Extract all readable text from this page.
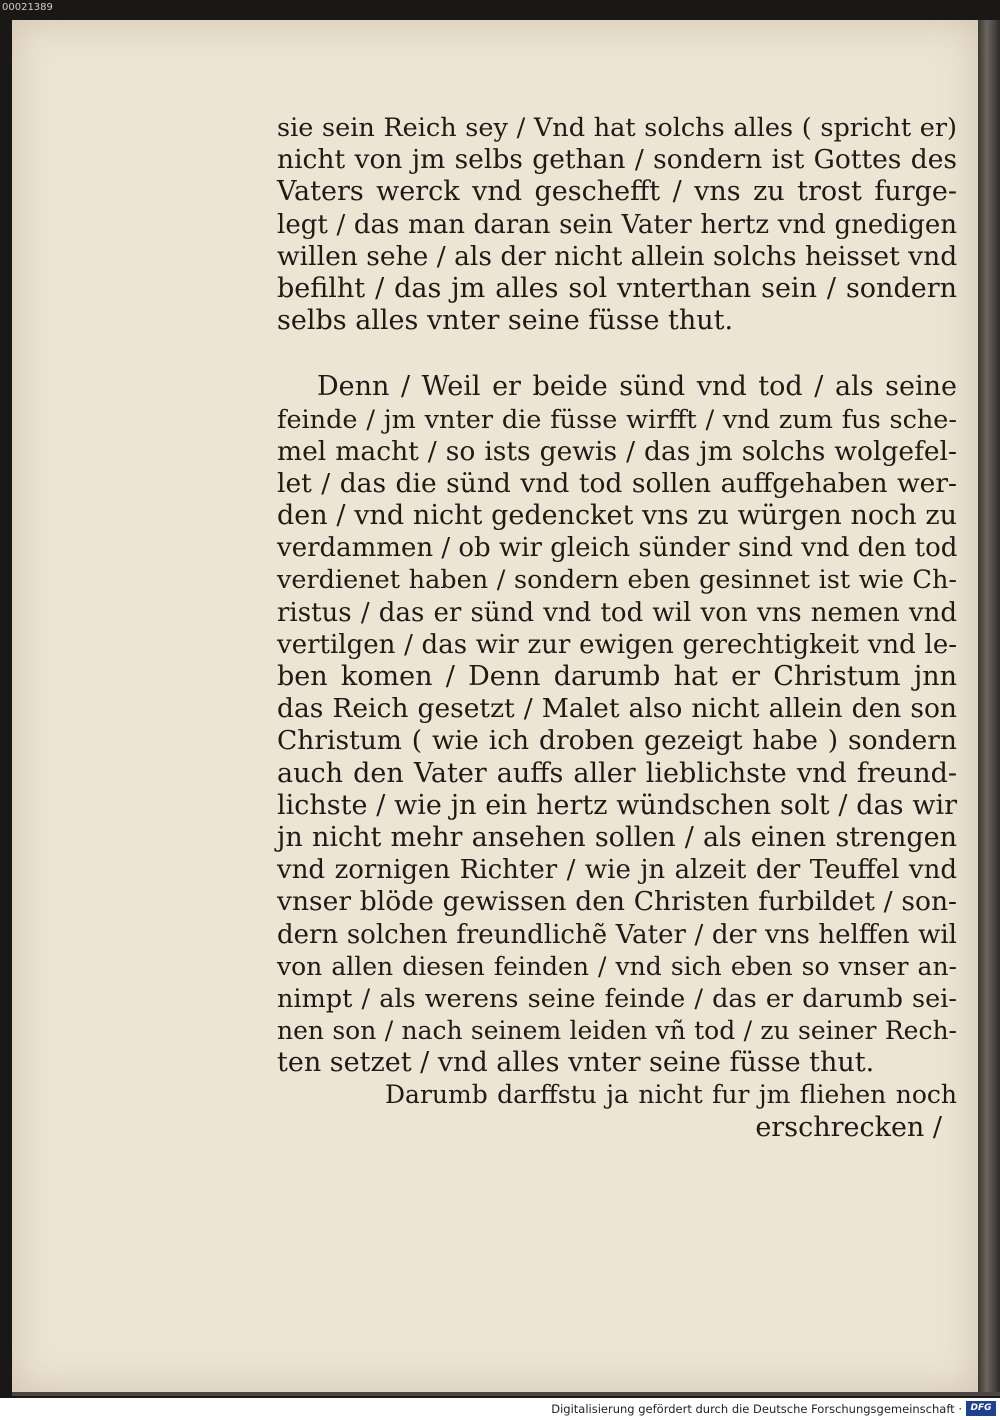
00021389
sie sein Reich sey / Vnd hat solchs alles ( spricht er)
nicht von jm selbs gethan / sondern ist Gottes des
Vaters werck vnd geschefft / vns zu trost furge-
legt / das man daran sein Vater hertz vnd gnedigen
willen sehe / als der nicht allein solchs heisset vnd
befilht / das jm alles sol vnterthan sein / sondern
selbs alles vnter seine füsse thut.
Denn / Weil er beide sünd vnd tod / als seine
feinde / jm vnter die füsse wirfft / vnd zum fus sche-
mel macht / so ists gewis / das jm solchs wolgefel-
let / das die sünd vnd tod sollen auffgehaben wer-
den / vnd nicht gedencket vns zu würgen noch zu
verdammen / ob wir gleich sünder sind vnd den tod
verdienet haben / sondern eben gesinnet ist wie Ch-
ristus / das er sünd vnd tod wil von vns nemen vnd
vertilgen / das wir zur ewigen gerechtigkeit vnd le-
ben komen / Denn darumb hat er Christum jnn
das Reich gesetzt / Malet also nicht allein den son
Christum ( wie ich droben gezeigt habe ) sondern
auch den Vater auffs aller lieblichste vnd freund-
lichste / wie jn ein hertz wündschen solt / das wir
jn nicht mehr ansehen sollen / als einen strengen
vnd zornigen Richter / wie jn alzeit der Teuffel vnd
vnser blöde gewissen den Christen furbildet / son-
dern solchen freundlichẽ Vater / der vns helffen wil
von allen diesen feinden / vnd sich eben so vnser an-
nimpt / als werens seine feinde / das er darumb sei-
nen son / nach seinem leiden vñ tod / zu seiner Rech-
ten setzet / vnd alles vnter seine füsse thut.
Darumb darffstu ja nicht fur jm fliehen noch
erschrecken /
Digitalisierung gefördert durch die Deutsche Forschungsgemeinschaft · DFG
